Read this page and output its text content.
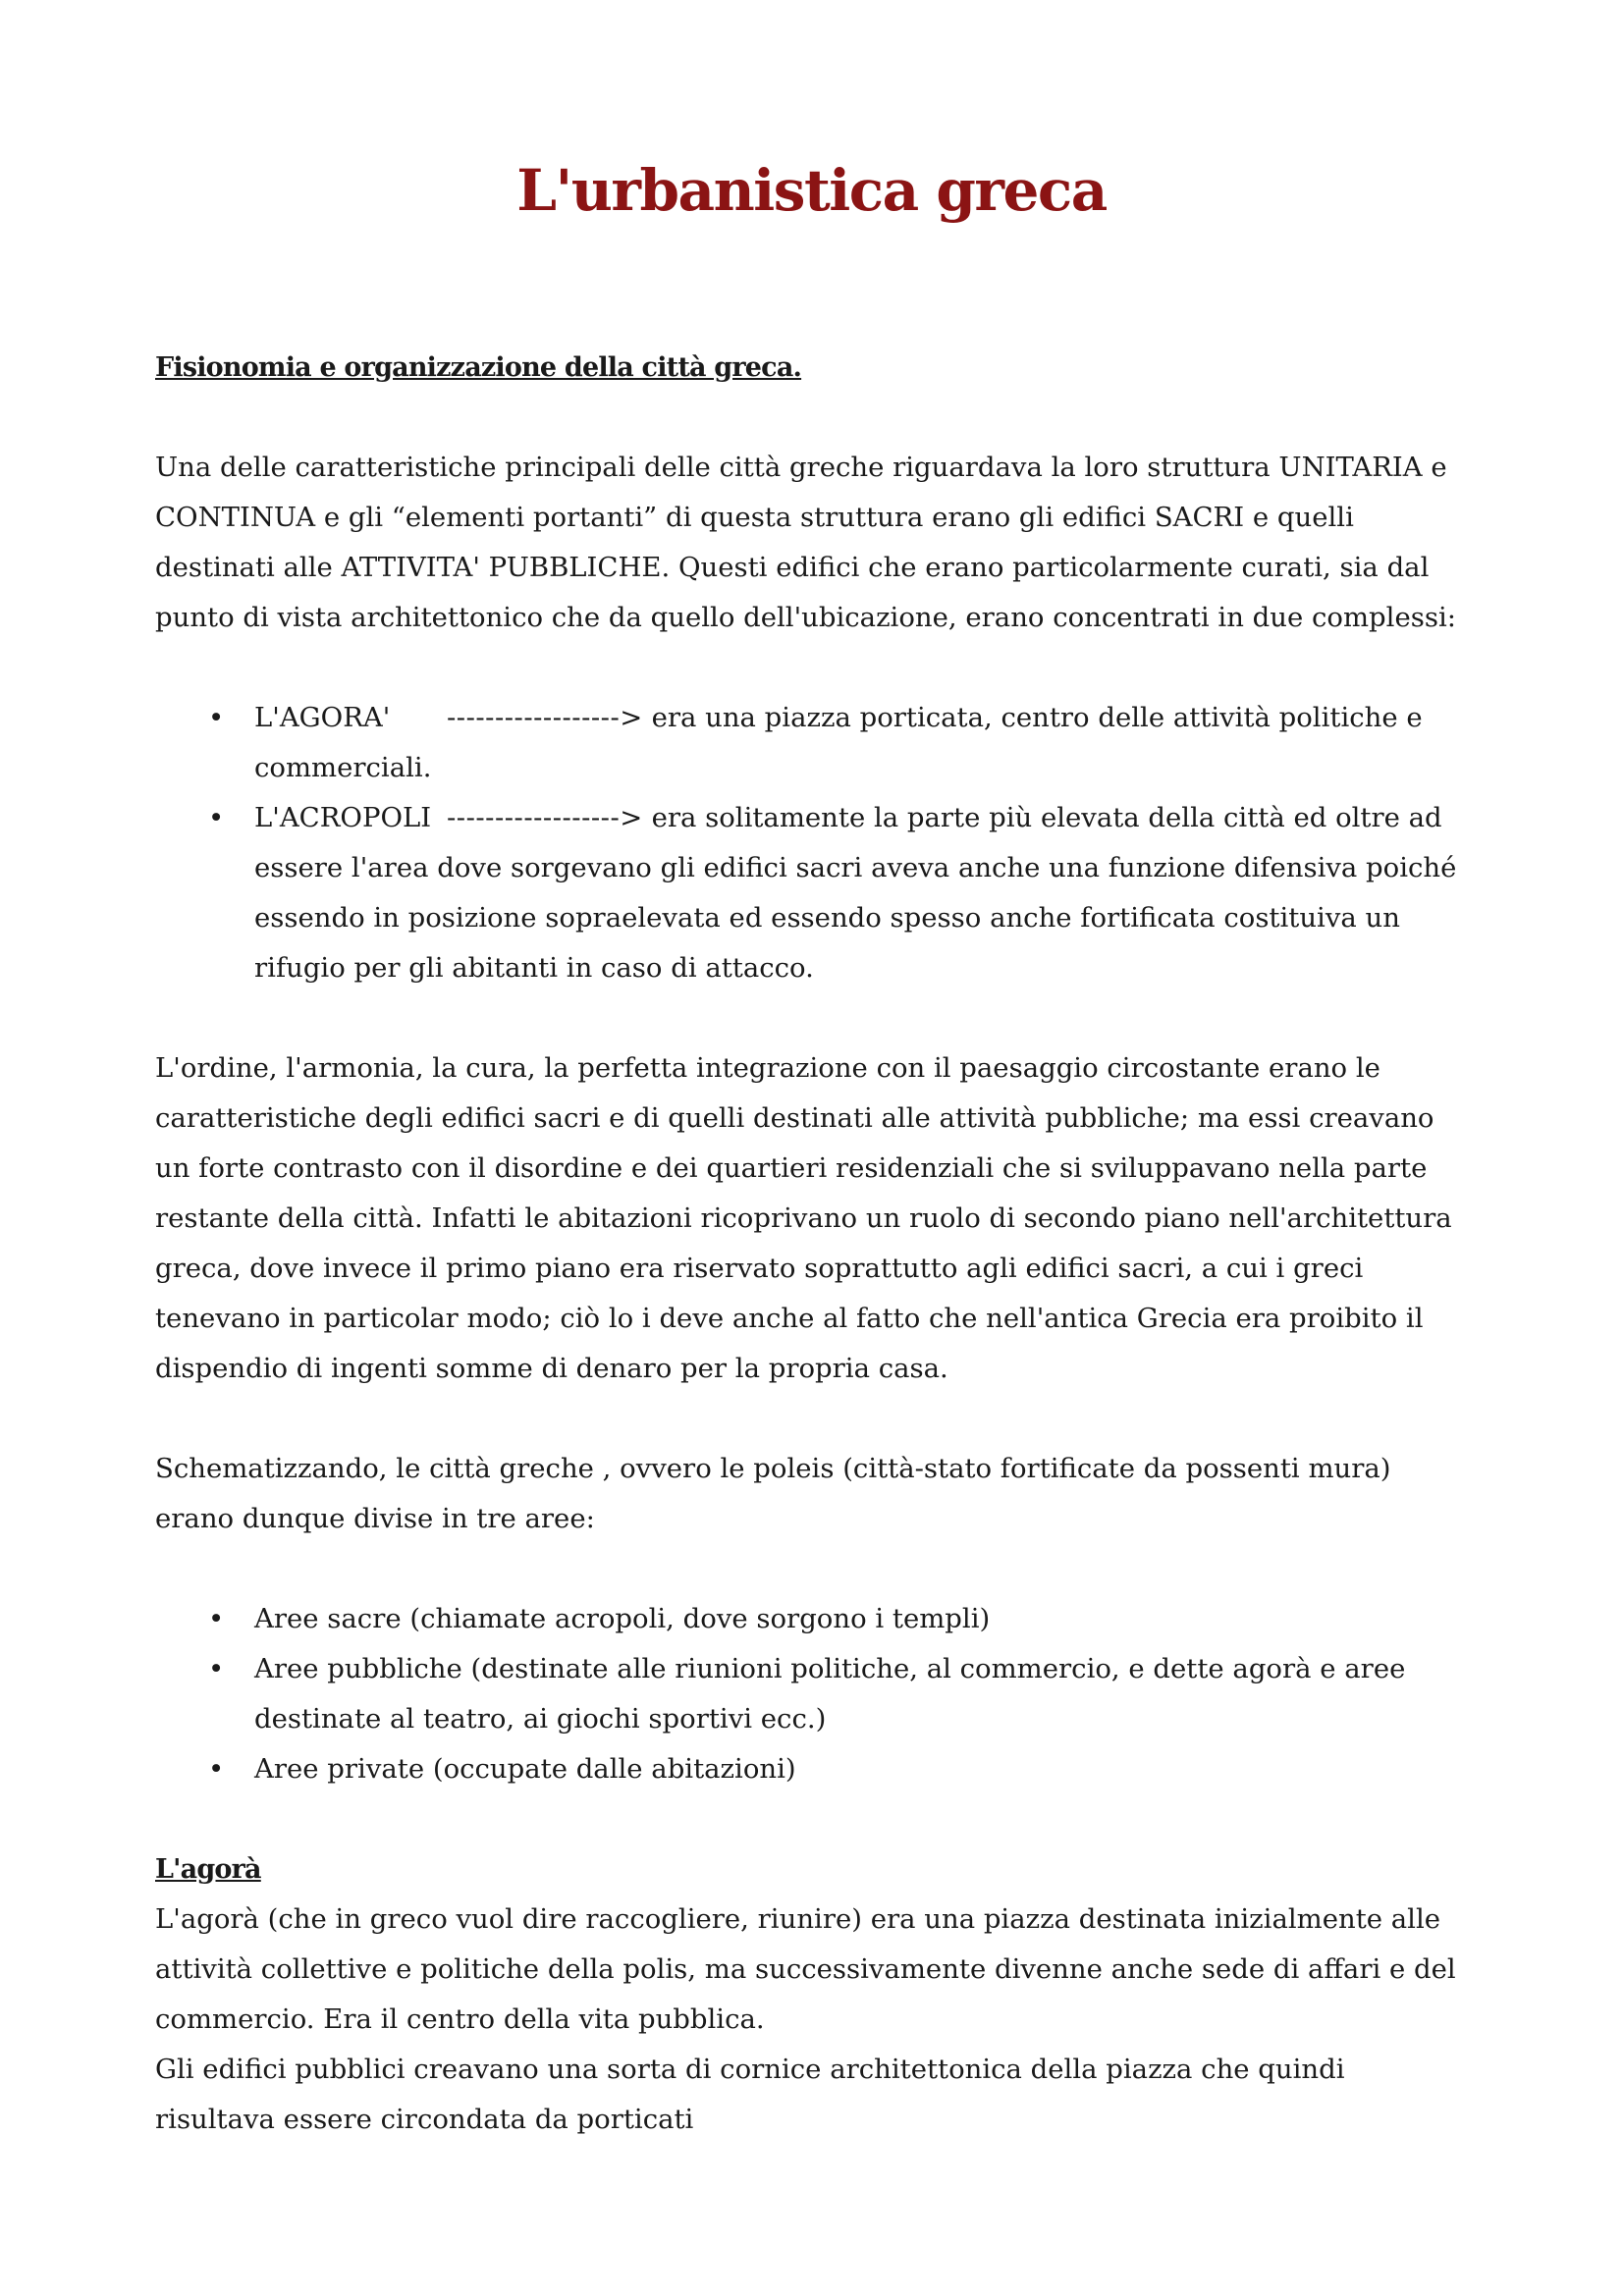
L'urbanistica greca

Fisionomia e organizzazione della città greca.

Una delle caratteristiche principali delle città greche riguardava la loro struttura UNITARIA e CONTINUA e gli “elementi portanti” di questa struttura erano gli edifici SACRI e quelli destinati alle ATTIVITA' PUBBLICHE. Questi edifici che erano particolarmente curati, sia dal punto di vista architettonico che da quello dell'ubicazione, erano concentrati in due complessi:

• L'AGORA' ------------------> era una piazza porticata, centro delle attività politiche e commerciali.
• L'ACROPOLI ------------------> era solitamente la parte più elevata della città ed oltre ad essere l'area dove sorgevano gli edifici sacri aveva anche una funzione difensiva poiché essendo in posizione sopraelevata ed essendo spesso anche fortificata costituiva un rifugio per gli abitanti in caso di attacco.

L'ordine, l'armonia, la cura, la perfetta integrazione con il paesaggio circostante erano le caratteristiche degli edifici sacri e di quelli destinati alle attività pubbliche; ma essi creavano un forte contrasto con il disordine e dei quartieri residenziali che si sviluppavano nella parte restante della città. Infatti le abitazioni ricoprivano un ruolo di secondo piano nell'architettura greca, dove invece il primo piano era riservato soprattutto agli edifici sacri, a cui i greci tenevano in particolar modo; ciò lo i deve anche al fatto che nell'antica Grecia era proibito il dispendio di ingenti somme di denaro per la propria casa.

Schematizzando, le città greche , ovvero le poleis (città-stato fortificate da possenti mura) erano dunque divise in tre aree:

• Aree sacre (chiamate acropoli, dove sorgono i templi)
• Aree pubbliche (destinate alle riunioni politiche, al commercio, e dette agorà e aree destinate al teatro, ai giochi sportivi ecc.)
• Aree private (occupate dalle abitazioni)

L'agorà

L'agorà (che in greco vuol dire raccogliere, riunire) era una piazza destinata inizialmente alle attività collettive e politiche della polis, ma successivamente divenne anche sede di affari e del commercio. Era il centro della vita pubblica.

Gli edifici pubblici creavano una sorta di cornice architettonica della piazza che quindi risultava essere circondata da porticati
